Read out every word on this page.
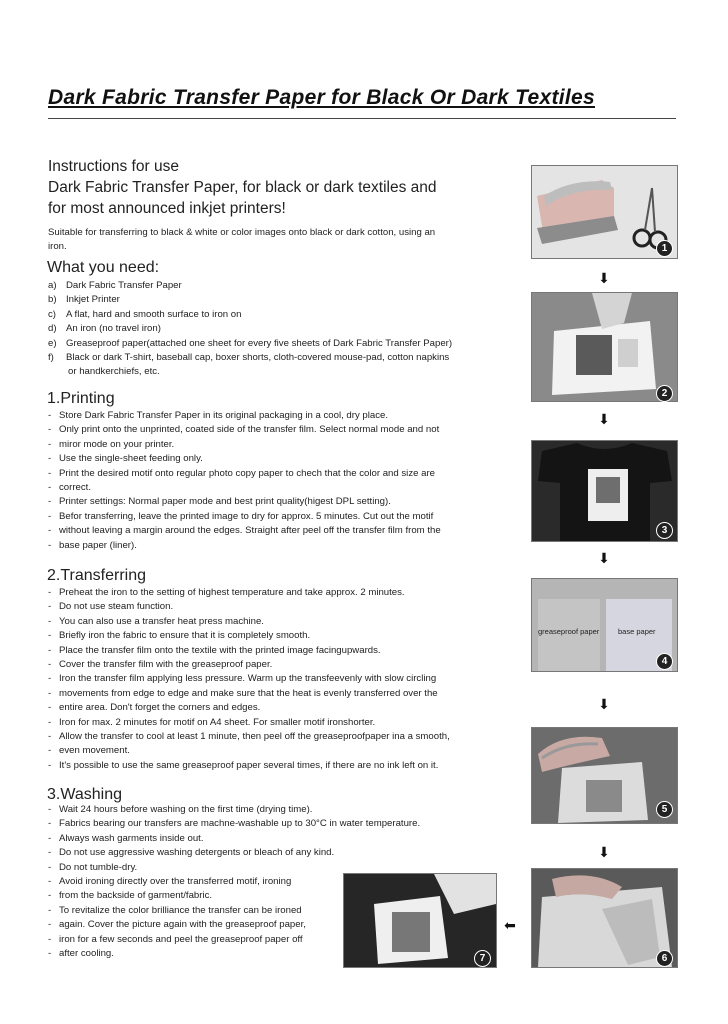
Dark Fabric Transfer Paper for Black Or Dark Textiles
Instructions for use
Dark Fabric Transfer Paper, for black or dark textiles and
for most announced inkjet printers!
Suitable for transferring to black & white or color images onto black or dark cotton, using an
iron.
What you need:
a) Dark Fabric Transfer Paper
b) Inkjet Printer
c) A flat, hard and smooth surface to iron on
d) An iron (no travel iron)
e) Greaseproof paper(attached one sheet for every five sheets of Dark Fabric Transfer Paper)
f) Black or dark T-shirt, baseball cap, boxer shorts, cloth-covered mouse-pad, cotton napkins
or handkerchiefs, etc.
1.Printing
- Store Dark Fabric Transfer Paper in its original packaging in a cool, dry place.
- Only print onto the unprinted, coated side of the transfer film. Select normal mode and not
- miror mode on your printer.
- Use the single-sheet feeding only.
- Print the desired motif onto regular photo copy paper to chech that the color and size are
- correct.
- Printer settings: Normal paper mode and best print quality(higest DPL setting).
- Befor transferring, leave the printed image to dry for approx. 5 minutes. Cut out the motif
- without leaving a margin around the edges. Straight after peel off the transfer film from the
- base paper (liner).
2.Transferring
- Preheat the iron to the setting of highest temperature and take approx. 2 minutes.
- Do not use steam function.
- You can also use a transfer heat press machine.
- Briefly iron the fabric to ensure that it is completely smooth.
- Place the transfer film onto the textile with the printed image facingupwards.
- Cover the transfer film with the greaseproof paper.
- Iron the transfer film applying less pressure. Warm up the transfeevenly with slow circling
- movements from edge to edge and make sure that the heat is evenly transferred over the
- entire area. Don't forget the corners and edges.
- Iron for max. 2 minutes for motif on A4 sheet. For smaller motif ironshorter.
- Allow the transfer to cool at least 1 minute, then peel off the greaseproofpaper ina a smooth,
- even movement.
- It's possible to use the same greaseproof paper several times, if there are no ink left on it.
3.Washing
- Wait 24 hours before washing on the first time (drying time).
- Fabrics bearing our transfers are machne-washable up to 30°C in water temperature.
- Always wash garments inside out.
- Do not use aggressive washing detergents or bleach of any kind.
- Do not tumble-dry.
- Avoid ironing directly over the transferred motif, ironing
- from the backside of garment/fabric.
- To revitalize the color brilliance the transfer can be ironed
- again. Cover the picture again with the greaseproof paper,
- iron for a few seconds and peel the greaseproof paper off
- after cooling.
1
⬇
2
⬇
3
⬇
greaseproof paper base paper
4
⬇
5
⬇
6
⬅
7
